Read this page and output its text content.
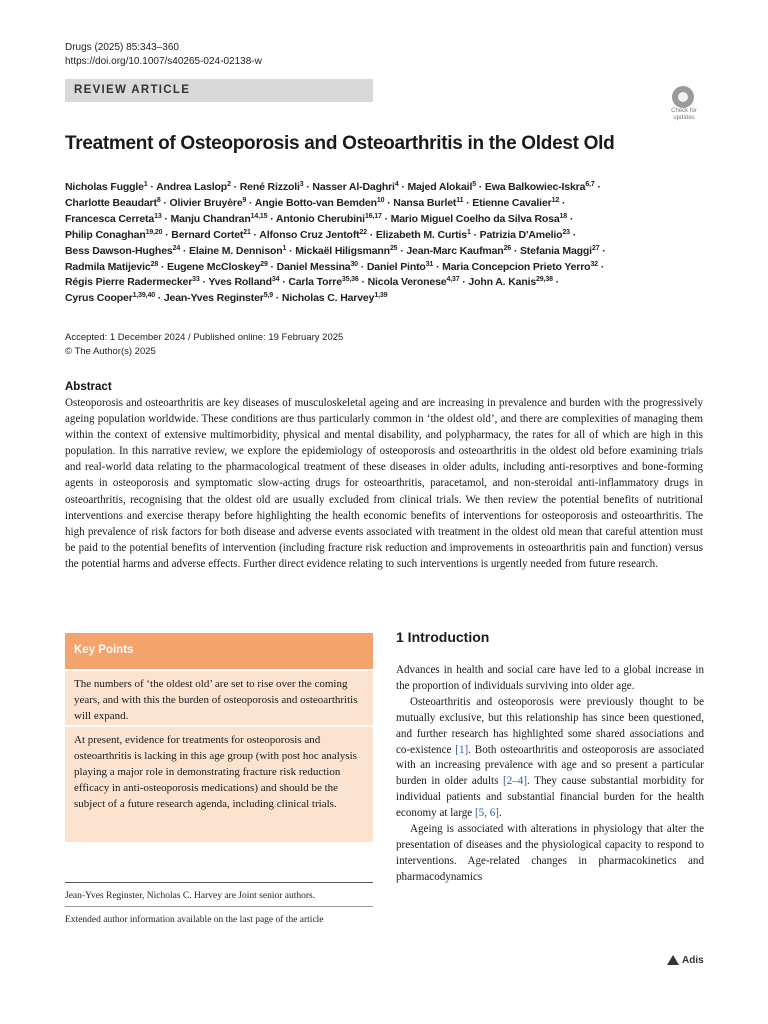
Drugs (2025) 85:343–360
https://doi.org/10.1007/s40265-024-02138-w
REVIEW ARTICLE
Check for updates
Treatment of Osteoporosis and Osteoarthritis in the Oldest Old
Nicholas Fuggle$^1$ · Andrea Laslop$^2$ · René Rizzoli$^3$ · Nasser Al-Daghri$^4$ · Majed Alokail$^5$ · Ewa Balkowiec-Iskra$^{6,7}$ ·
Charlotte Beaudart$^8$ · Olivier Bruyère$^9$ · Angie Botto-van Bemden$^{10}$ · Nansa Burlet$^{11}$ · Etienne Cavalier$^{12}$ ·
Francesca Cerreta$^{13}$ · Manju Chandran$^{14,15}$ · Antonio Cherubini$^{16,17}$ · Mario Miguel Coelho da Silva Rosa$^{18}$ ·
Philip Conaghan$^{19,20}$ · Bernard Cortet$^{21}$ · Alfonso Cruz Jentoft$^{22}$ · Elizabeth M. Curtis$^1$ · Patrizia D'Amelio$^{23}$ ·
Bess Dawson-Hughes$^{24}$ · Elaine M. Dennison$^1$ · Mickaël Hiligsmann$^{25}$ · Jean-Marc Kaufman$^{26}$ · Stefania Maggi$^{27}$ ·
Radmila Matijevic$^{28}$ · Eugene McCloskey$^{29}$ · Daniel Messina$^{30}$ · Daniel Pinto$^{31}$ · Maria Concepcion Prieto Yerro$^{32}$ ·
Régis Pierre Radermecker$^{33}$ · Yves Rolland$^{34}$ · Carla Torre$^{35,36}$ · Nicola Veronese$^{4,37}$ · John A. Kanis$^{29,38}$ ·
Cyrus Cooper$^{1,39,40}$ · Jean-Yves Reginster$^{5,9}$ · Nicholas C. Harvey$^{1,39}$
Accepted: 1 December 2024 / Published online: 19 February 2025
© The Author(s) 2025
Abstract
Osteoporosis and osteoarthritis are key diseases of musculoskeletal ageing and are increasing in prevalence and burden with the progressively ageing population worldwide. These conditions are thus particularly common in ‘the oldest old’, and there are complexities of managing them within the context of extensive multimorbidity, physical and mental disability, and polypharmacy, the rates for all of which are high in this population. In this narrative review, we explore the epidemiology of osteoporosis and osteoarthritis in the oldest old before examining trials and real-world data relating to the pharmacological treatment of these diseases in older adults, including anti-resorptives and bone-forming agents in osteoporosis and symptomatic slow-acting drugs for osteoarthritis, paracetamol, and non-steroidal anti-inflammatory drugs in osteoarthritis, recognising that the oldest old are usually excluded from clinical trials. We then review the potential benefits of nutritional interventions and exercise therapy before highlighting the health economic benefits of interventions for osteoporosis and osteoarthritis. The high prevalence of risk factors for both disease and adverse events associated with treatment in the oldest old mean that careful attention must be paid to the potential benefits of intervention (including fracture risk reduction and improvements in osteoarthritis pain and function) versus the potential harms and adverse effects. Further direct evidence relating to such interventions is urgently needed from future research.
Key Points
The numbers of ‘the oldest old’ are set to rise over the coming years, and with this the burden of osteoporosis and osteoarthritis will expand.
At present, evidence for treatments for osteoporosis and osteoarthritis is lacking in this age group (with post hoc analysis playing a major role in demonstrating fracture risk reduction efficacy in anti-osteoporosis medications) and should be the subject of a future research agenda, including clinical trials.
Jean-Yves Reginster, Nicholas C. Harvey are Joint senior authors.
Extended author information available on the last page of the article
1 Introduction

Advances in health and social care have led to a global increase in the proportion of individuals surviving into older age.

Osteoarthritis and osteoporosis were previously thought to be mutually exclusive, but this relationship has since been questioned, and further research has highlighted some shared associations and co-existence [1]. Both osteoarthritis and osteoporosis are associated with an increasing prevalence with age and so present a particular burden in older adults [2–4]. They cause substantial morbidity for individual patients and substantial financial burden for the health economy at large [5, 6].

Ageing is associated with alterations in physiology that alter the presentation of diseases and the physiological capacity to respond to interventions. Age-related changes in pharmacokinetics and pharmacodynamics

Adis
